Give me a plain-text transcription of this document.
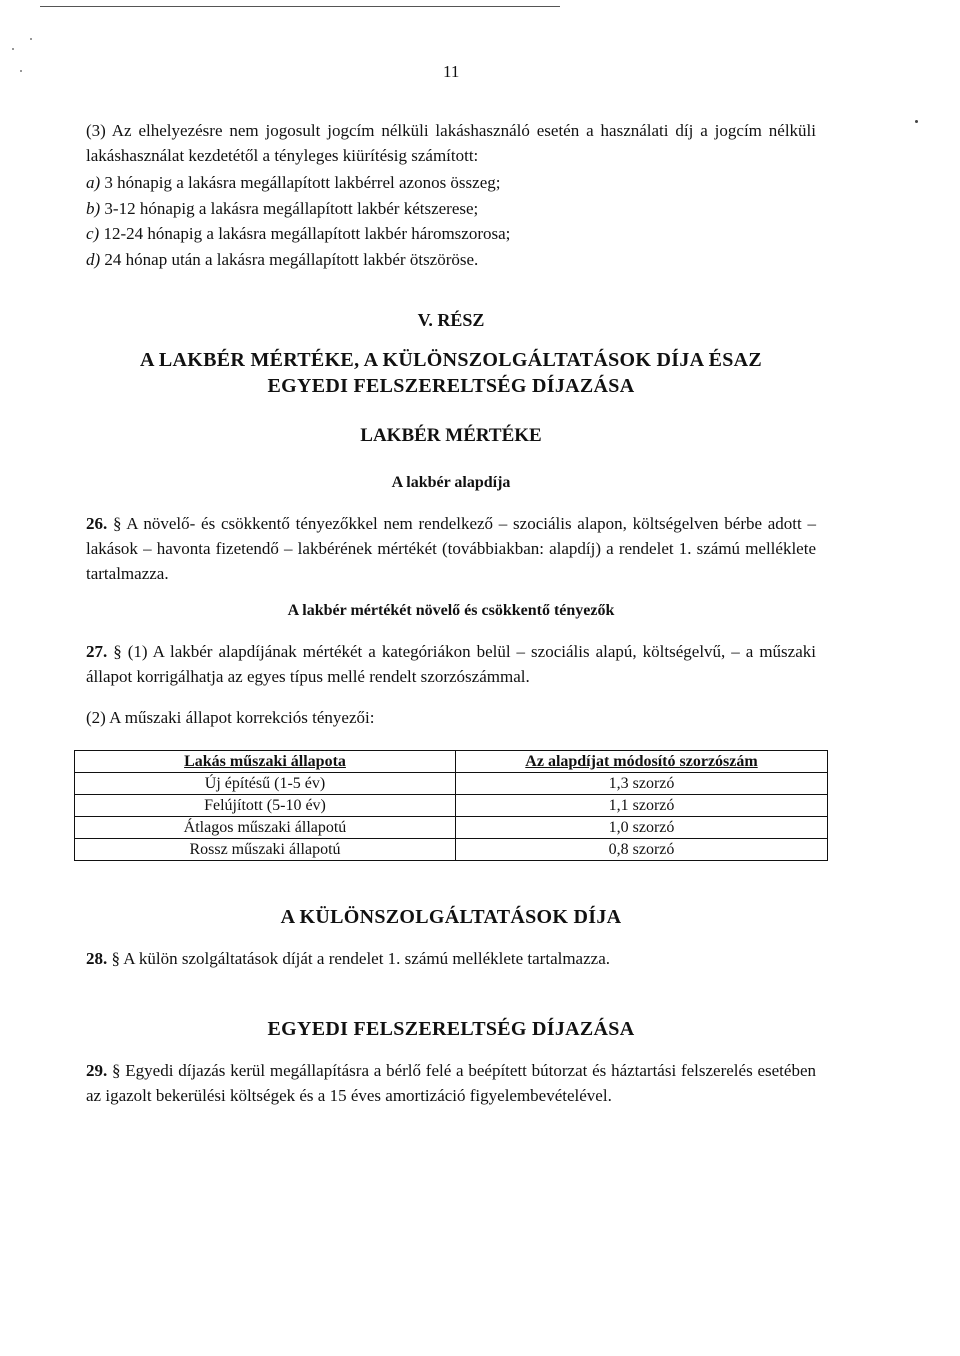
11

(3) Az elhelyezésre nem jogosult jogcím nélküli lakáshasználó esetén a használati díj a jogcím nélküli lakáshasználat kezdetétől a tényleges kiürítésig számított:

a) 3 hónapig a lakásra megállapított lakbérrel azonos összeg;
b) 3-12 hónapig a lakásra megállapított lakbér kétszerese;
c) 12-24 hónapig a lakásra megállapított lakbér háromszorosa;
d) 24 hónap után a lakásra megállapított lakbér ötszöröse.
V. RÉSZ
A LAKBÉR MÉRTÉKE, A KÜLÖNSZOLGÁLTATÁSOK DÍJA ÉSAZ
EGYEDI FELSZERELTSÉG DÍJAZÁSA
LAKBÉR MÉRTÉKE
A lakbér alapdíja

26. § A növelő- és csökkentő tényezőkkel nem rendelkező – szociális alapon, költségelven bérbe adott – lakások – havonta fizetendő – lakbérének mértékét (továbbiakban: alapdíj) a rendelet 1. számú melléklete tartalmazza.

A lakbér mértékét növelő és csökkentő tényezők

27. § (1) A lakbér alapdíjának mértékét a kategóriákon belül – szociális alapú, költségelvű, – a műszaki állapot korrigálhatja az egyes típus mellé rendelt szorzószámmal.

(2) A műszaki állapot korrekciós tényezői:

Lakás műszaki állapota	Az alapdíjat módosító szorzószám
Új építésű (1-5 év)	1,3 szorzó
Felújított (5-10 év)	1,1 szorzó
Átlagos műszaki állapotú	1,0 szorzó
Rossz műszaki állapotú	0,8 szorzó
A KÜLÖNSZOLGÁLTATÁSOK DÍJA

28. § A külön szolgáltatások díját a rendelet 1. számú melléklete tartalmazza.

EGYEDI FELSZERELTSÉG DÍJAZÁSA

29. § Egyedi díjazás kerül megállapításra a bérlő felé a beépített bútorzat és háztartási felszerelés esetében az igazolt bekerülési költségek és a 15 éves amortizáció figyelembevételével.
